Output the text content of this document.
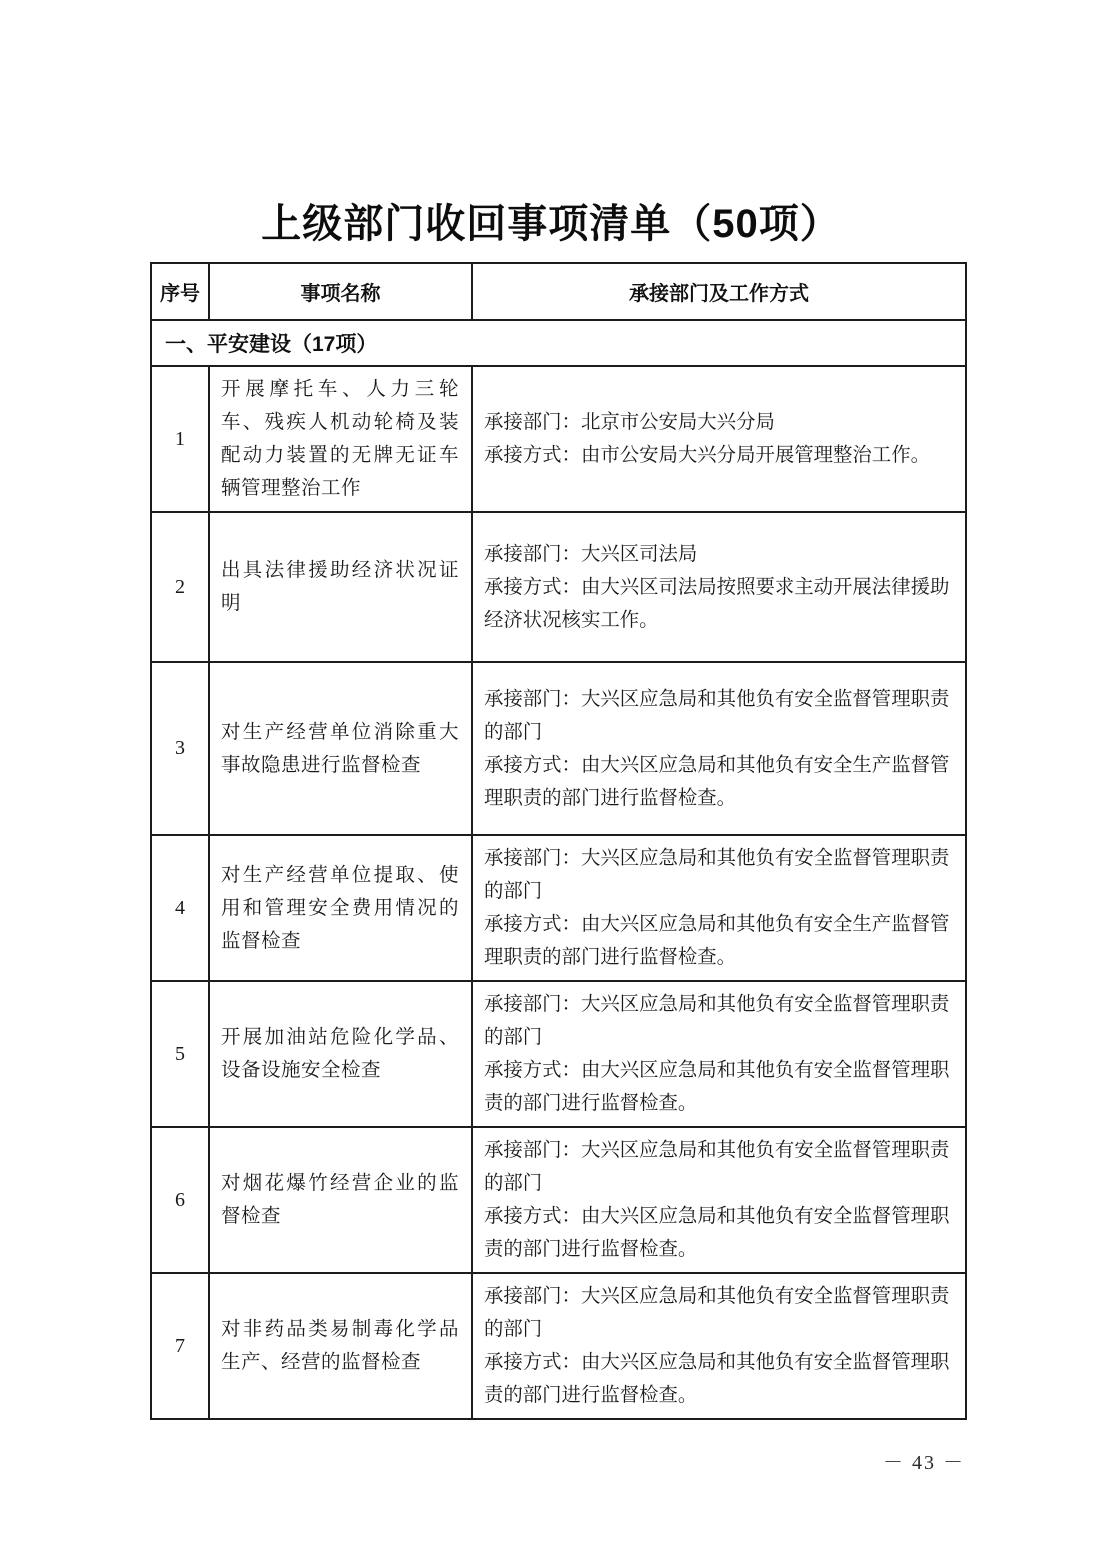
上级部门收回事项清单（50项）
序号	事项名称	承接部门及工作方式
一、平安建设（17项）		
1	开展摩托车、人力三轮车、残疾人机动轮椅及装配动力装置的无牌无证车辆管理整治工作	承接部门：北京市公安局大兴分局
承接方式：由市公安局大兴分局开展管理整治工作。

2	出具法律援助经济状况证明	承接部门：大兴区司法局
承接方式：由大兴区司法局按照要求主动开展法律援助经济状况核实工作。

3	对生产经营单位消除重大事故隐患进行监督检查	承接部门：大兴区应急局和其他负有安全监督管理职责的部门
承接方式：由大兴区应急局和其他负有安全生产监督管理职责的部门进行监督检查。

4	对生产经营单位提取、使用和管理安全费用情况的监督检查	承接部门：大兴区应急局和其他负有安全监督管理职责的部门
承接方式：由大兴区应急局和其他负有安全生产监督管理职责的部门进行监督检查。

5	开展加油站危险化学品、设备设施安全检查	承接部门：大兴区应急局和其他负有安全监督管理职责的部门
承接方式：由大兴区应急局和其他负有安全监督管理职责的部门进行监督检查。

6	对烟花爆竹经营企业的监督检查	承接部门：大兴区应急局和其他负有安全监督管理职责的部门
承接方式：由大兴区应急局和其他负有安全监督管理职责的部门进行监督检查。

7	对非药品类易制毒化学品生产、经营的监督检查	承接部门：大兴区应急局和其他负有安全监督管理职责的部门
承接方式：由大兴区应急局和其他负有安全监督管理职责的部门进行监督检查。
－ 43 －
